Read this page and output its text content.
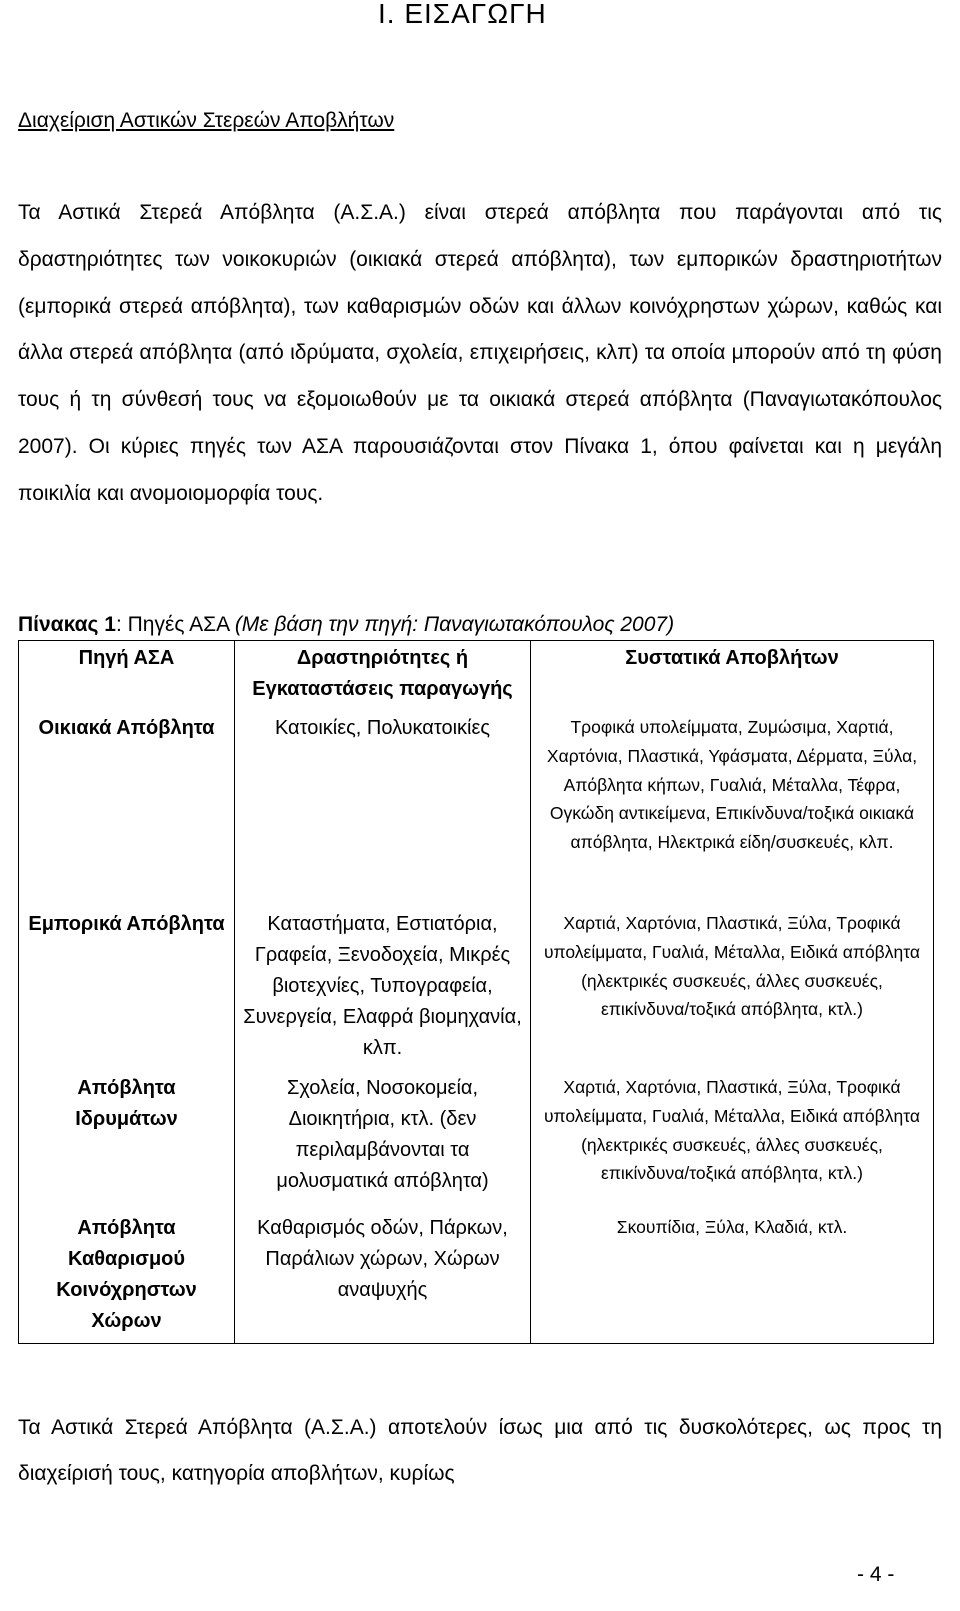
Ι. ΕΙΣΑΓΩΓΗ
Διαχείριση Αστικών Στερεών Αποβλήτων

Τα Αστικά Στερεά Απόβλητα (Α.Σ.Α.) είναι στερεά απόβλητα που παράγονται από τις δραστηριότητες των νοικοκυριών (οικιακά στερεά απόβλητα), των εμπορικών δραστηριοτήτων (εμπορικά στερεά απόβλητα), των καθαρισμών οδών και άλλων κοινόχρηστων χώρων, καθώς και άλλα στερεά απόβλητα (από ιδρύματα, σχολεία, επιχειρήσεις, κλπ) τα οποία μπορούν από τη φύση τους ή τη σύνθεσή τους να εξομοιωθούν με τα οικιακά στερεά απόβλητα (Παναγιωτακόπουλος 2007). Οι κύριες πηγές των ΑΣΑ παρουσιάζονται στον Πίνακα 1, όπου φαίνεται και η μεγάλη ποικιλία και ανομοιομορφία τους.

Πίνακας 1: Πηγές ΑΣΑ (Με βάση την πηγή: Παναγιωτακόπουλος 2007)

Πηγή ΑΣΑ	Δραστηριότητες ή Εγκαταστάσεις παραγωγής	Συστατικά Αποβλήτων
Οικιακά Απόβλητα	Κατοικίες, Πολυκατοικίες	Τροφικά υπολείμματα, Ζυμώσιμα, Χαρτιά, Χαρτόνια, Πλαστικά, Υφάσματα, Δέρματα, Ξύλα, Απόβλητα κήπων, Γυαλιά, Μέταλλα, Τέφρα, Ογκώδη αντικείμενα, Επικίνδυνα/τοξικά οικιακά απόβλητα, Ηλεκτρικά είδη/συσκευές, κλπ.
Εμπορικά Απόβλητα	Καταστήματα, Εστιατόρια, Γραφεία, Ξενοδοχεία, Μικρές βιοτεχνίες, Τυπογραφεία, Συνεργεία, Ελαφρά βιομηχανία, κλπ.	Χαρτιά, Χαρτόνια, Πλαστικά, Ξύλα, Τροφικά υπολείμματα, Γυαλιά, Μέταλλα, Ειδικά απόβλητα (ηλεκτρικές συσκευές, άλλες συσκευές, επικίνδυνα/τοξικά απόβλητα, κτλ.)
Απόβλητα Ιδρυμάτων	Σχολεία, Νοσοκομεία, Διοικητήρια, κτλ. (δεν περιλαμβάνονται τα μολυσματικά απόβλητα)	Χαρτιά, Χαρτόνια, Πλαστικά, Ξύλα, Τροφικά υπολείμματα, Γυαλιά, Μέταλλα, Ειδικά απόβλητα (ηλεκτρικές συσκευές, άλλες συσκευές, επικίνδυνα/τοξικά απόβλητα, κτλ.)
Απόβλητα Καθαρισμού Κοινόχρηστων Χώρων	Καθαρισμός οδών, Πάρκων, Παράλιων χώρων, Χώρων αναψυχής	Σκουπίδια, Ξύλα, Κλαδιά, κτλ.

Τα Αστικά Στερεά Απόβλητα (Α.Σ.Α.) αποτελούν ίσως μια από τις δυσκολότερες, ως προς τη διαχείρισή τους, κατηγορία αποβλήτων, κυρίως

- 4 -
